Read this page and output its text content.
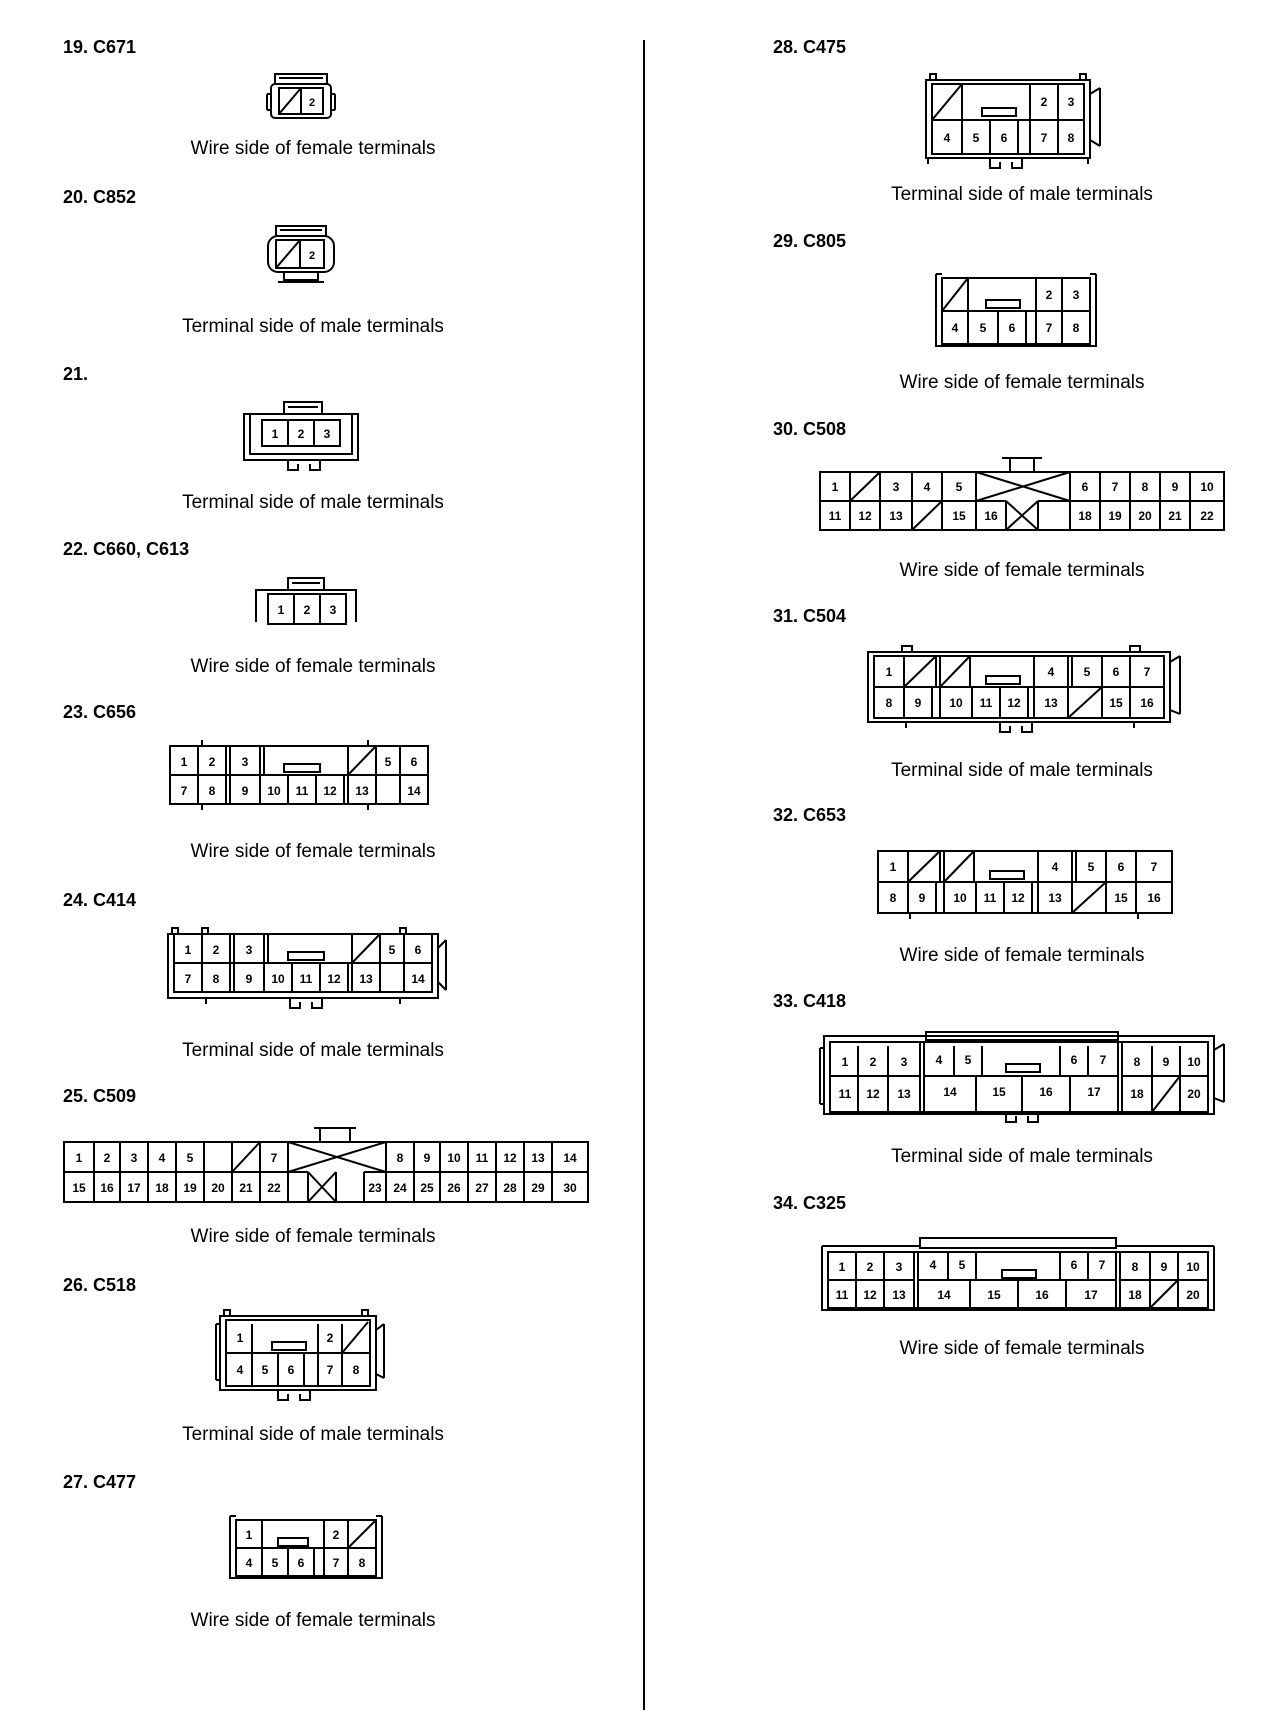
19. C671
2
Wire side of female terminals
20. C852
2
Terminal side of male terminals
21.
1 2 3
Terminal side of male terminals
22. C660, C613
1 2 3
Wire side of female terminals
23. C656
1 2 3	5 6
7 8 9 10 11 12 13	14
Wire side of female terminals
24. C414
1 2 3	5 6
7 8 9 10 11 12 13	14
Terminal side of male terminals
25. C509
1 2 3 4 5	7	8 9 10 11 12 13 14
15 16 17 18 19 20 21 22	23 24 25 26 27 28 29 30
Wire side of female terminals
26. C518
1	2
4 5 6	7 8
Terminal side of male terminals
27. C477
1	2
4 5 6 7 8
Wire side of female terminals
28. C475
2 3
4 5 6	7 8
Terminal side of male terminals
29. C805
2 3
4 5 6	7 8
Wire side of female terminals
30. C508
1	3 4 5	6 7 8 9 10
11 12 13	15 16	18 19 20 21 22
Wire side of female terminals
31. C504
1	4 5 6 7
8 9 10 11 12 13	15 16
Terminal side of male terminals
32. C653
1	4 5 6 7
8 9 10 11 12 13	15 16
Wire side of female terminals
33. C418
1 2 3 4 5	6 7 8 9 10
11 12 13	14	15	16	17 18	20
Terminal side of male terminals
34. C325
1 2 3 4 5	6 7 8 9 10
11 12 13	14	15	16	17	18	20
Wire side of female terminals
